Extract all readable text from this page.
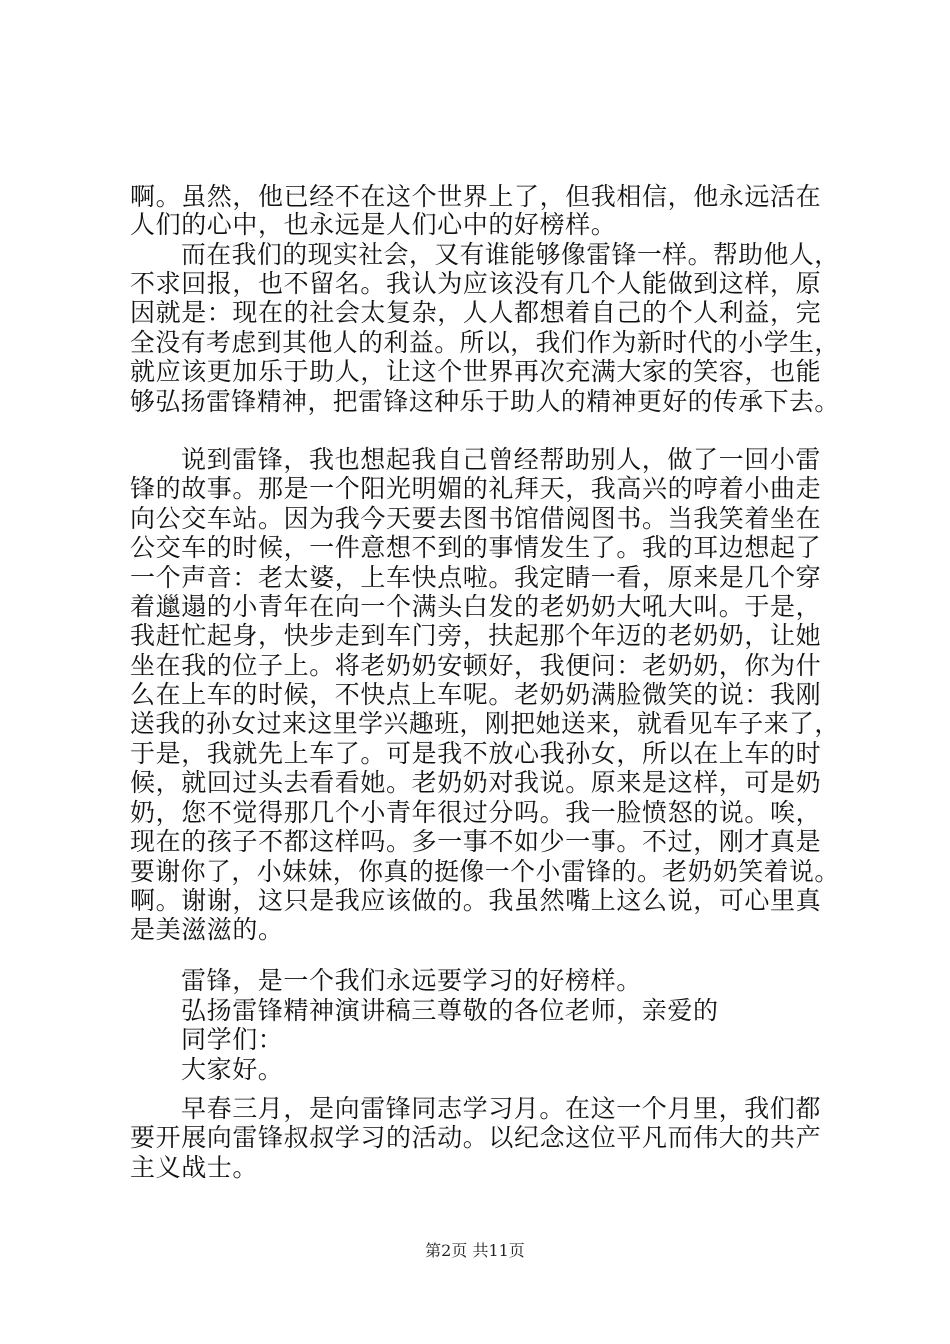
啊。虽然，他已经不在这个世界上了，但我相信，他永远活在
人们的心中，也永远是人们心中的好榜样。
而在我们的现实社会，又有谁能够像雷锋一样。帮助他人，
不求回报，也不留名。我认为应该没有几个人能做到这样，原
因就是：现在的社会太复杂，人人都想着自己的个人利益，完
全没有考虑到其他人的利益。所以，我们作为新时代的小学生，
就应该更加乐于助人，让这个世界再次充满大家的笑容，也能
够弘扬雷锋精神，把雷锋这种乐于助人的精神更好的传承下去。
说到雷锋，我也想起我自己曾经帮助别人，做了一回小雷
锋的故事。那是一个阳光明媚的礼拜天，我高兴的哼着小曲走
向公交车站。因为我今天要去图书馆借阅图书。当我笑着坐在
公交车的时候，一件意想不到的事情发生了。我的耳边想起了
一个声音：老太婆，上车快点啦。我定睛一看，原来是几个穿
着邋遢的小青年在向一个满头白发的老奶奶大吼大叫。于是，
我赶忙起身，快步走到车门旁，扶起那个年迈的老奶奶，让她
坐在我的位子上。将老奶奶安顿好，我便问：老奶奶，你为什
么在上车的时候，不快点上车呢。老奶奶满脸微笑的说：我刚
送我的孙女过来这里学兴趣班，刚把她送来，就看见车子来了，
于是，我就先上车了。可是我不放心我孙女，所以在上车的时
候，就回过头去看看她。老奶奶对我说。原来是这样，可是奶
奶，您不觉得那几个小青年很过分吗。我一脸愤怒的说。唉，
现在的孩子不都这样吗。多一事不如少一事。不过，刚才真是
要谢你了，小妹妹，你真的挺像一个小雷锋的。老奶奶笑着说。
啊。谢谢，这只是我应该做的。我虽然嘴上这么说，可心里真
是美滋滋的。
雷锋，是一个我们永远要学习的好榜样。
弘扬雷锋精神演讲稿三尊敬的各位老师，亲爱的
同学们：
大家好。
早春三月，是向雷锋同志学习月。在这一个月里，我们都
要开展向雷锋叔叔学习的活动。以纪念这位平凡而伟大的共产
主义战士。
第2页 共11页
